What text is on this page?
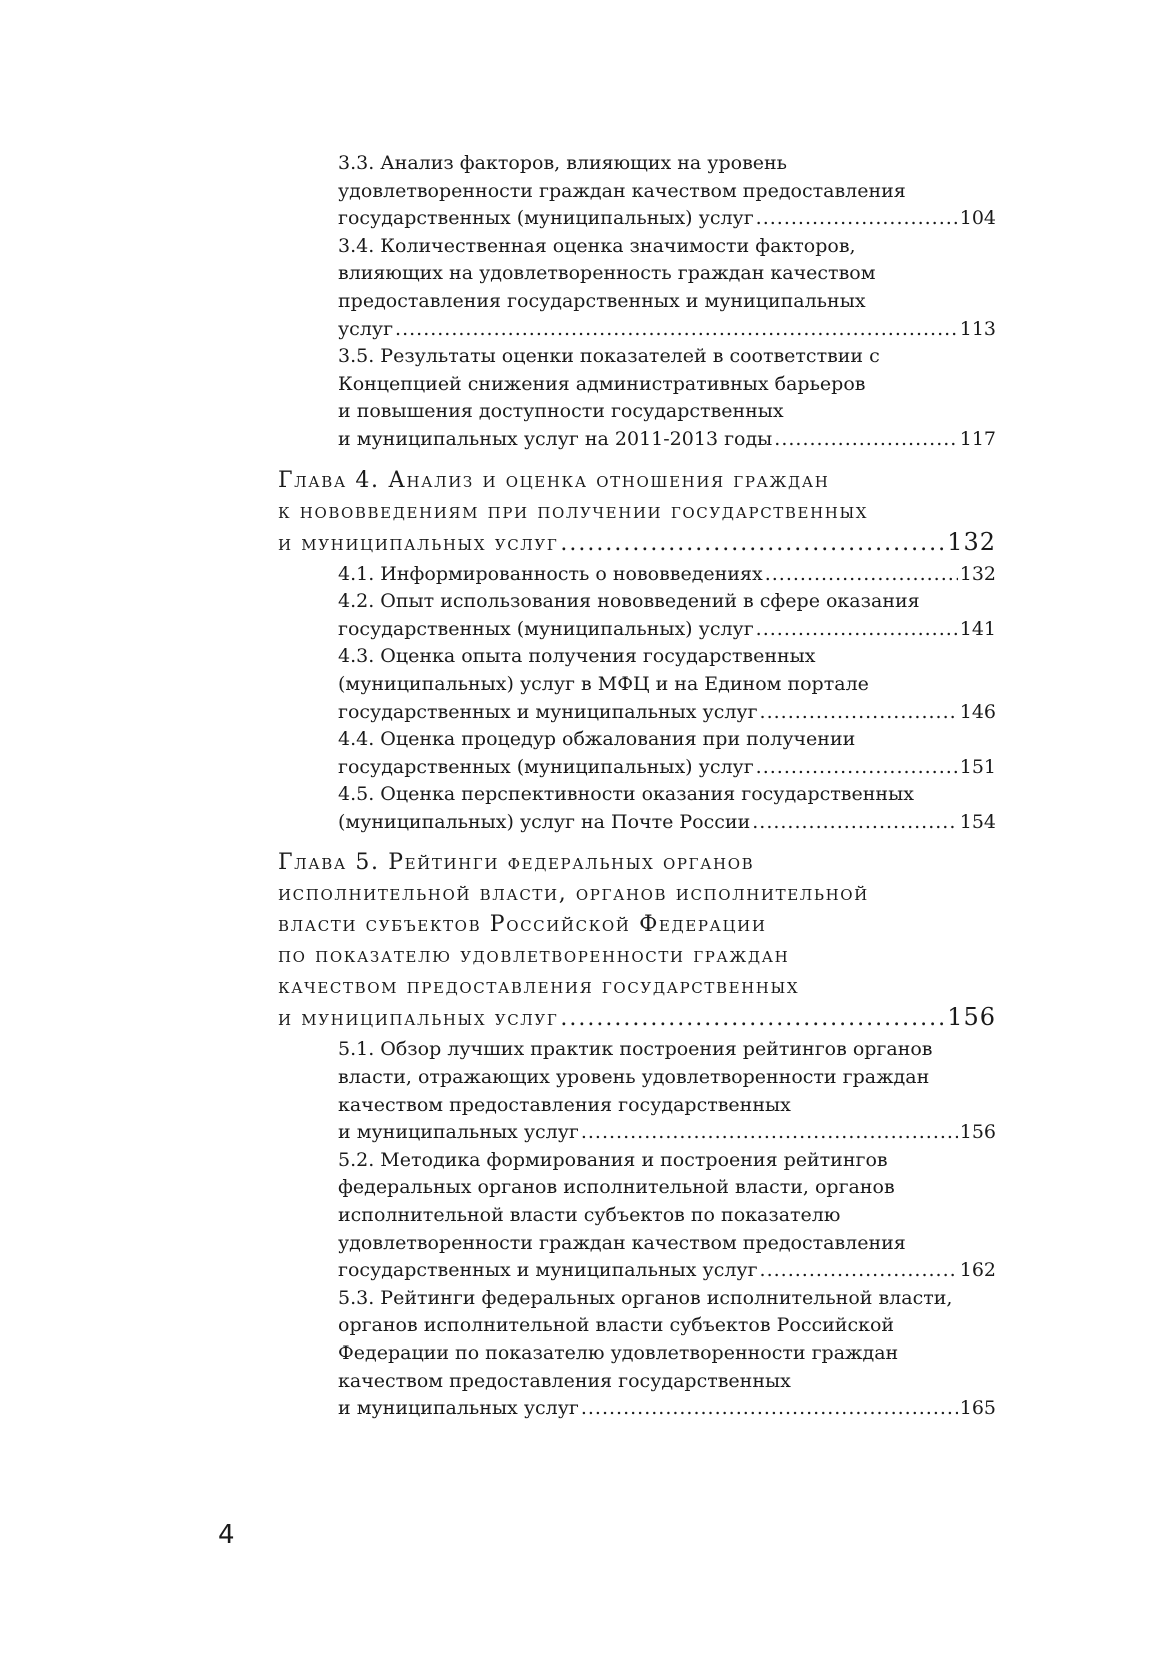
3.3. Анализ факторов, влияющих на уровень
удовлетворенности граждан качеством предоставления
государственных (муниципальных) услуг .....	104
3.4. Количественная оценка значимости факторов,
влияющих на удовлетворенность граждан качеством
предоставления государственных и муниципальных
услуг .....	113
3.5. Результаты оценки показателей в соответствии с
Концепцией снижения административных барьеров
и повышения доступности государственных
и муниципальных услуг на 2011-2013 годы .....	117
Глава 4. Анализ и оценка отношения граждан
к нововведениям при получении государственных
и муниципальных услуг .....	132
4.1. Информированность о нововведениях .....	132
4.2. Опыт использования нововведений в сфере оказания
государственных (муниципальных) услуг .....	141
4.3. Оценка опыта получения государственных
(муниципальных) услуг в МФЦ и на Едином портале
государственных и муниципальных услуг .....	146
4.4. Оценка процедур обжалования при получении
государственных (муниципальных) услуг .....	151
4.5. Оценка перспективности оказания государственных
(муниципальных) услуг на Почте России .....	154
Глава 5. Рейтинги федеральных органов
исполнительной власти, органов исполнительной
власти субъектов Российской Федерации
по показателю удовлетворенности граждан
качеством предоставления государственных
и муниципальных услуг .....	156
5.1. Обзор лучших практик построения рейтингов органов
власти, отражающих уровень удовлетворенности граждан
качеством предоставления государственных
и муниципальных услуг .....	156
5.2. Методика формирования и построения рейтингов
федеральных органов исполнительной власти, органов
исполнительной власти субъектов по показателю
удовлетворенности граждан качеством предоставления
государственных и муниципальных услуг .....	162
5.3. Рейтинги федеральных органов исполнительной власти,
органов исполнительной власти субъектов Российской
Федерации по показателю удовлетворенности граждан
качеством предоставления государственных
и муниципальных услуг .....	165
4
